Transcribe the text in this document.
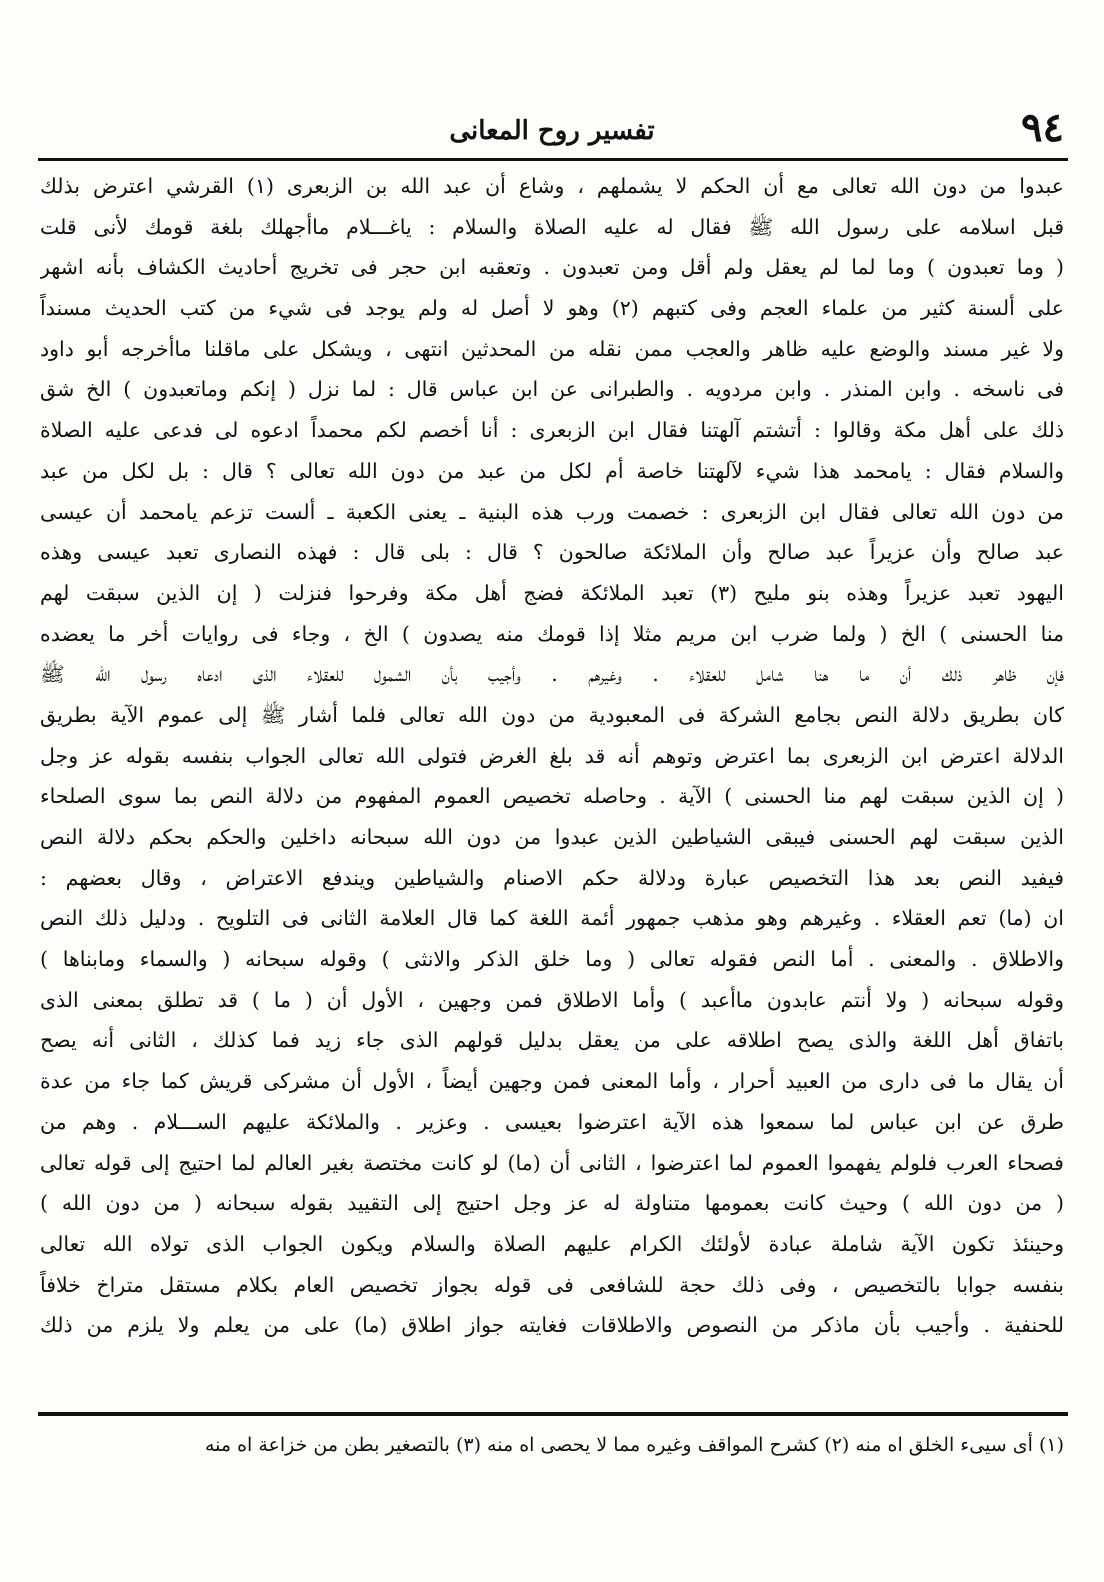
٩٤
تفسير روح المعانى
عبدوا من دون الله تعالى مع أن الحكم لا يشملهم ، وشاع أن عبد الله بن الزبعرى (١) القرشي اعترض بذلك
قبل اسلامه على رسول الله ﷺ فقال له عليه الصلاة والسلام : ياغـــلام ماأجهلك بلغة قومك لأنى قلت
( وما تعبدون ) وما لما لم يعقل ولم أقل ومن تعبدون . وتعقبه ابن حجر فى تخريج أحاديث الكشاف بأنه اشهر
على ألسنة كثير من علماء العجم وفى كتبهم (٢) وهو لا أصل له ولم يوجد فى شيء من كتب الحديث مسنداً
ولا غير مسند والوضع عليه ظاهر والعجب ممن نقله من المحدثين انتهى ، ويشكل على ماقلنا ماأخرجه أبو داود
فى ناسخه . وابن المنذر . وابن مردويه . والطبرانى عن ابن عباس قال : لما نزل ( إنكم وماتعبدون ) الخ شق
ذلك على أهل مكة وقالوا : أتشتم آلهتنا فقال ابن الزبعرى : أنا أخصم لكم محمداً ادعوه لى فدعى عليه الصلاة
والسلام فقال : يامحمد هذا شيء لآلهتنا خاصة أم لكل من عبد من دون الله تعالى ؟ قال : بل لكل من عبد
من دون الله تعالى فقال ابن الزبعرى : خصمت ورب هذه البنية ـ يعنى الكعبة ـ ألست تزعم يامحمد أن عيسى
عبد صالح وأن عزيراً عبد صالح وأن الملائكة صالحون ؟ قال : بلى قال : فهذه النصارى تعبد عيسى وهذه
اليهود تعبد عزيراً وهذه بنو مليح (٣) تعبد الملائكة فضج أهل مكة وفرحوا فنزلت ( إن الذين سبقت لهم
منا الحسنى ) الخ ( ولما ضرب ابن مريم مثلا إذا قومك منه يصدون ) الخ ، وجاء فى روايات أخر ما يعضده
فإن ظاهر ذلك أن ما هنا شامل للعقلاء . وغيرهم . وأجيب بأن الشمول للعقلاء الذى ادعاه رسول الله ﷺ
كان بطريق دلالة النص بجامع الشركة فى المعبودية من دون الله تعالى فلما أشار ﷺ إلى عموم الآية بطريق
الدلالة اعترض ابن الزبعرى بما اعترض وتوهم أنه قد بلغ الغرض فتولى الله تعالى الجواب بنفسه بقوله عز وجل
( إن الذين سبقت لهم منا الحسنى ) الآية . وحاصله تخصيص العموم المفهوم من دلالة النص بما سوى الصلحاء
الذين سبقت لهم الحسنى فيبقى الشياطين الذين عبدوا من دون الله سبحانه داخلين والحكم بحكم دلالة النص
فيفيد النص بعد هذا التخصيص عبارة ودلالة حكم الاصنام والشياطين ويندفع الاعتراض ، وقال بعضهم :
ان (ما) تعم العقلاء . وغيرهم وهو مذهب جمهور أئمة اللغة كما قال العلامة الثانى فى التلويح . ودليل ذلك النص
والاطلاق . والمعنى . أما النص فقوله تعالى ( وما خلق الذكر والانثى ) وقوله سبحانه ( والسماء ومابناها )
وقوله سبحانه ( ولا أنتم عابدون ماأعبد ) وأما الاطلاق فمن وجهين ، الأول أن ( ما ) قد تطلق بمعنى الذى
باتفاق أهل اللغة والذى يصح اطلاقه على من يعقل بدليل قولهم الذى جاء زيد فما كذلك ، الثانى أنه يصح
أن يقال ما فى دارى من العبيد أحرار ، وأما المعنى فمن وجهين أيضاً ، الأول أن مشركى قريش كما جاء من عدة
طرق عن ابن عباس لما سمعوا هذه الآية اعترضوا بعيسى . وعزير . والملائكة عليهم الســـلام . وهم من
فصحاء العرب فلولم يفهموا العموم لما اعترضوا ، الثانى أن (ما) لو كانت مختصة بغير العالم لما احتيج إلى قوله تعالى
( من دون الله ) وحيث كانت بعمومها متناولة له عز وجل احتيج إلى التقييد بقوله سبحانه ( من دون الله )
وحينئذ تكون الآية شاملة عبادة لأولئك الكرام عليهم الصلاة والسلام ويكون الجواب الذى تولاه الله تعالى
بنفسه جوابا بالتخصيص ، وفى ذلك حجة للشافعى فى قوله بجواز تخصيص العام بكلام مستقل متراخ خلافاً
للحنفية . وأجيب بأن ماذكر من النصوص والاطلاقات فغايته جواز اطلاق (ما) على من يعلم ولا يلزم من ذلك
(١) أى سيىء الخلق اه منه (٢) كشرح المواقف وغيره مما لا يحصى اه منه (٣) بالتصغير بطن من خزاعة اه منه
